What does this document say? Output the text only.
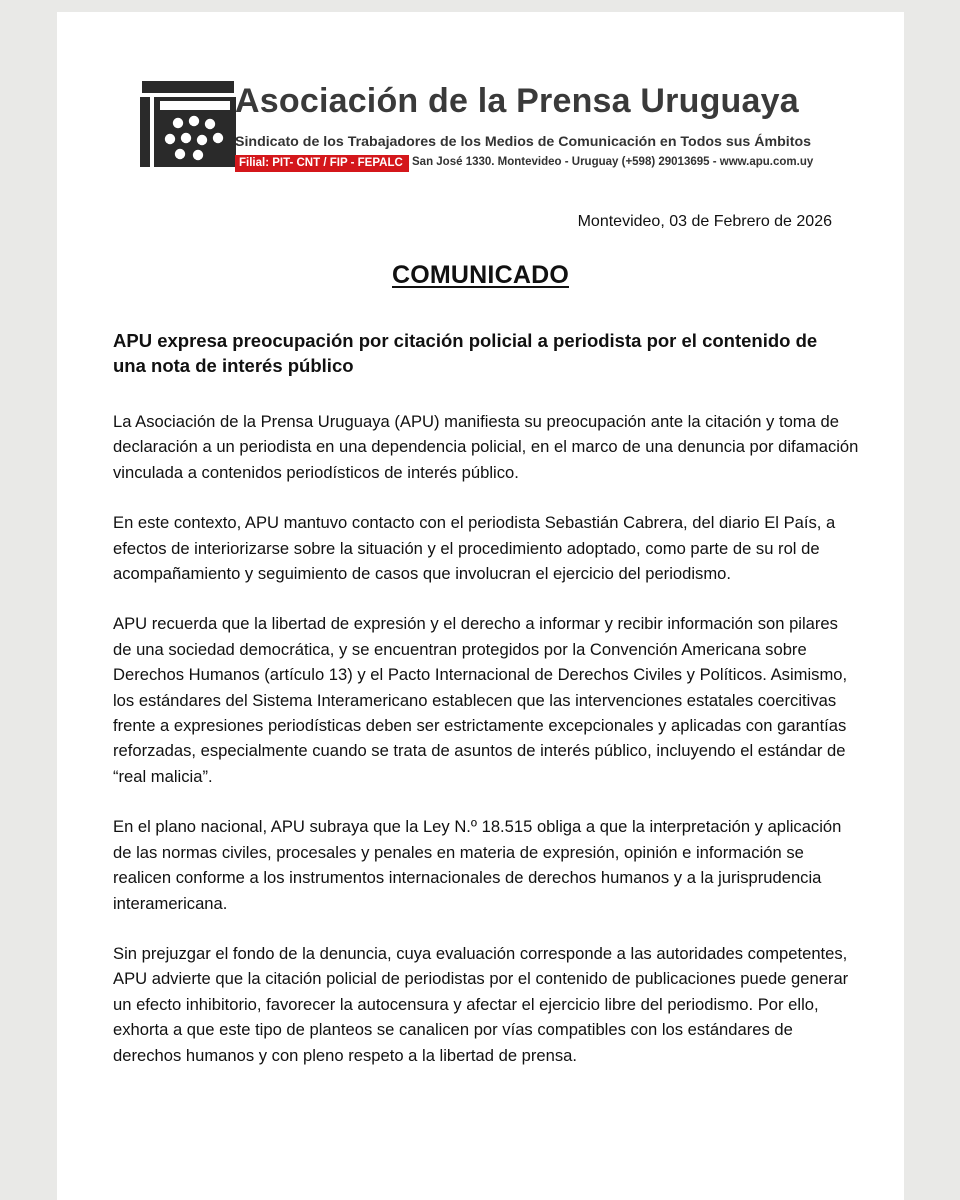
Asociación de la Prensa Uruguaya
Sindicato de los Trabajadores de los Medios de Comunicación en Todos sus Ámbitos
Filial: PIT- CNT / FIP - FEPALC San José 1330. Montevideo - Uruguay (+598) 29013695 - www.apu.com.uy
Montevideo, 03 de Febrero de 2026
COMUNICADO
APU expresa preocupación por citación policial a periodista por el contenido de una nota de interés público

La Asociación de la Prensa Uruguaya (APU) manifiesta su preocupación ante la citación y toma de declaración a un periodista en una dependencia policial, en el marco de una denuncia por difamación vinculada a contenidos periodísticos de interés público.

En este contexto, APU mantuvo contacto con el periodista Sebastián Cabrera, del diario El País, a efectos de interiorizarse sobre la situación y el procedimiento adoptado, como parte de su rol de acompañamiento y seguimiento de casos que involucran el ejercicio del periodismo.

APU recuerda que la libertad de expresión y el derecho a informar y recibir información son pilares de una sociedad democrática, y se encuentran protegidos por la Convención Americana sobre Derechos Humanos (artículo 13) y el Pacto Internacional de Derechos Civiles y Políticos. Asimismo, los estándares del Sistema Interamericano establecen que las intervenciones estatales coercitivas frente a expresiones periodísticas deben ser estrictamente excepcionales y aplicadas con garantías reforzadas, especialmente cuando se trata de asuntos de interés público, incluyendo el estándar de “real malicia”.

En el plano nacional, APU subraya que la Ley N.º 18.515 obliga a que la interpretación y aplicación de las normas civiles, procesales y penales en materia de expresión, opinión e información se realicen conforme a los instrumentos internacionales de derechos humanos y a la jurisprudencia interamericana.

Sin prejuzgar el fondo de la denuncia, cuya evaluación corresponde a las autoridades competentes, APU advierte que la citación policial de periodistas por el contenido de publicaciones puede generar un efecto inhibitorio, favorecer la autocensura y afectar el ejercicio libre del periodismo. Por ello, exhorta a que este tipo de planteos se canalicen por vías compatibles con los estándares de derechos humanos y con pleno respeto a la libertad de prensa.
